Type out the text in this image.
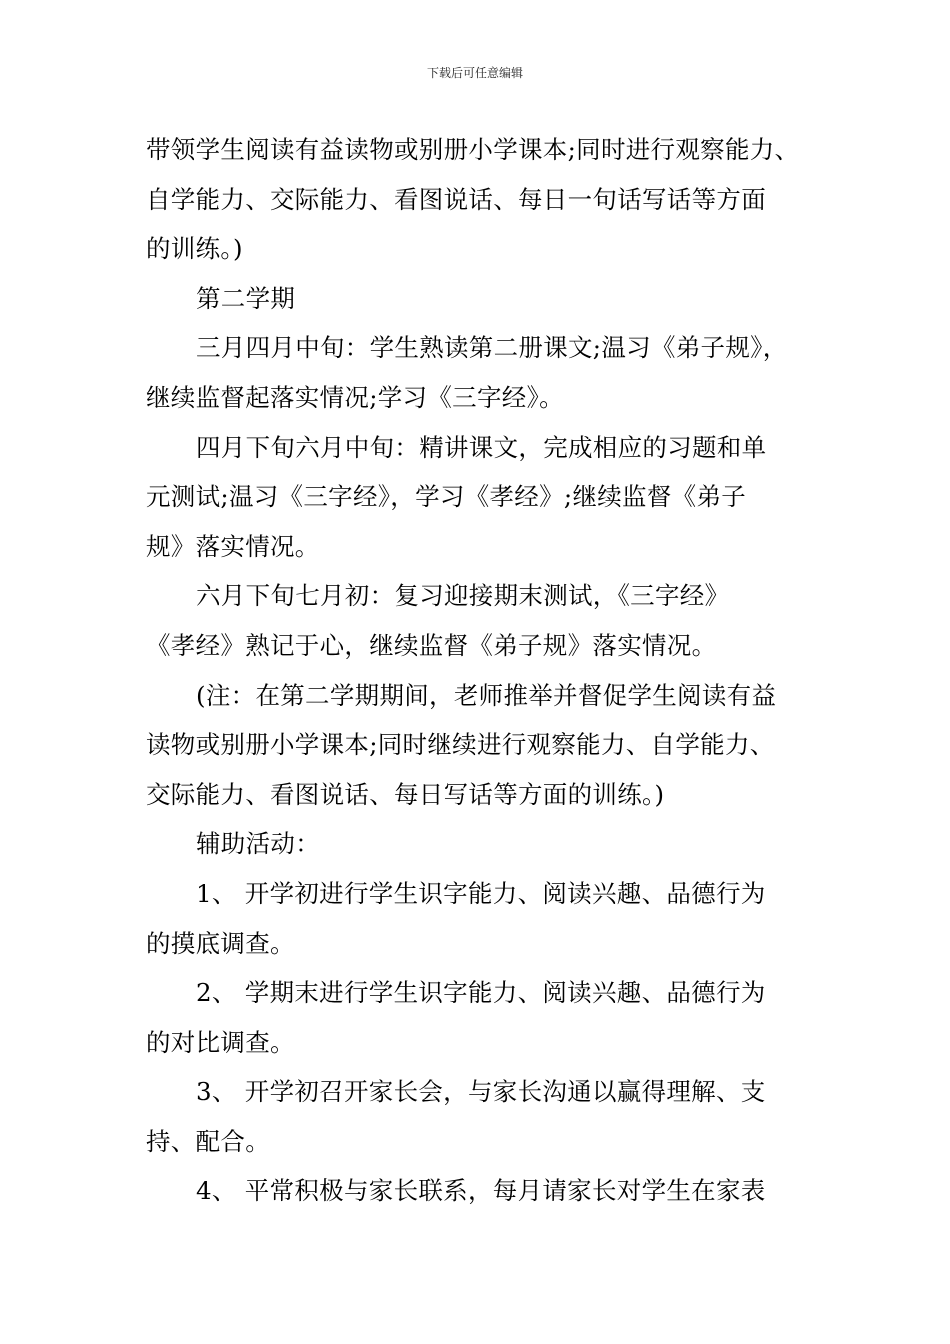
下载后可任意编辑
带领学生阅读有益读物或别册小学课本;同时进行观察能力、
自学能力、交际能力、看图说话、每日一句话写话等方面
的训练。)
第二学期
三月四月中旬：学生熟读第二册课文;温习《弟子规》，
继续监督起落实情况;学习《三字经》。
四月下旬六月中旬：精讲课文，完成相应的习题和单
元测试;温习《三字经》，学习《孝经》;继续监督《弟子
规》落实情况。
六月下旬七月初：复习迎接期末测试，《三字经》
《孝经》熟记于心，继续监督《弟子规》落实情况。
(注：在第二学期期间，老师推举并督促学生阅读有益
读物或别册小学课本;同时继续进行观察能力、自学能力、
交际能力、看图说话、每日写话等方面的训练。)
辅助活动：
1、 开学初进行学生识字能力、阅读兴趣、品德行为
的摸底调查。
2、 学期末进行学生识字能力、阅读兴趣、品德行为
的对比调查。
3、 开学初召开家长会，与家长沟通以赢得理解、支
持、配合。
4、 平常积极与家长联系，每月请家长对学生在家表
